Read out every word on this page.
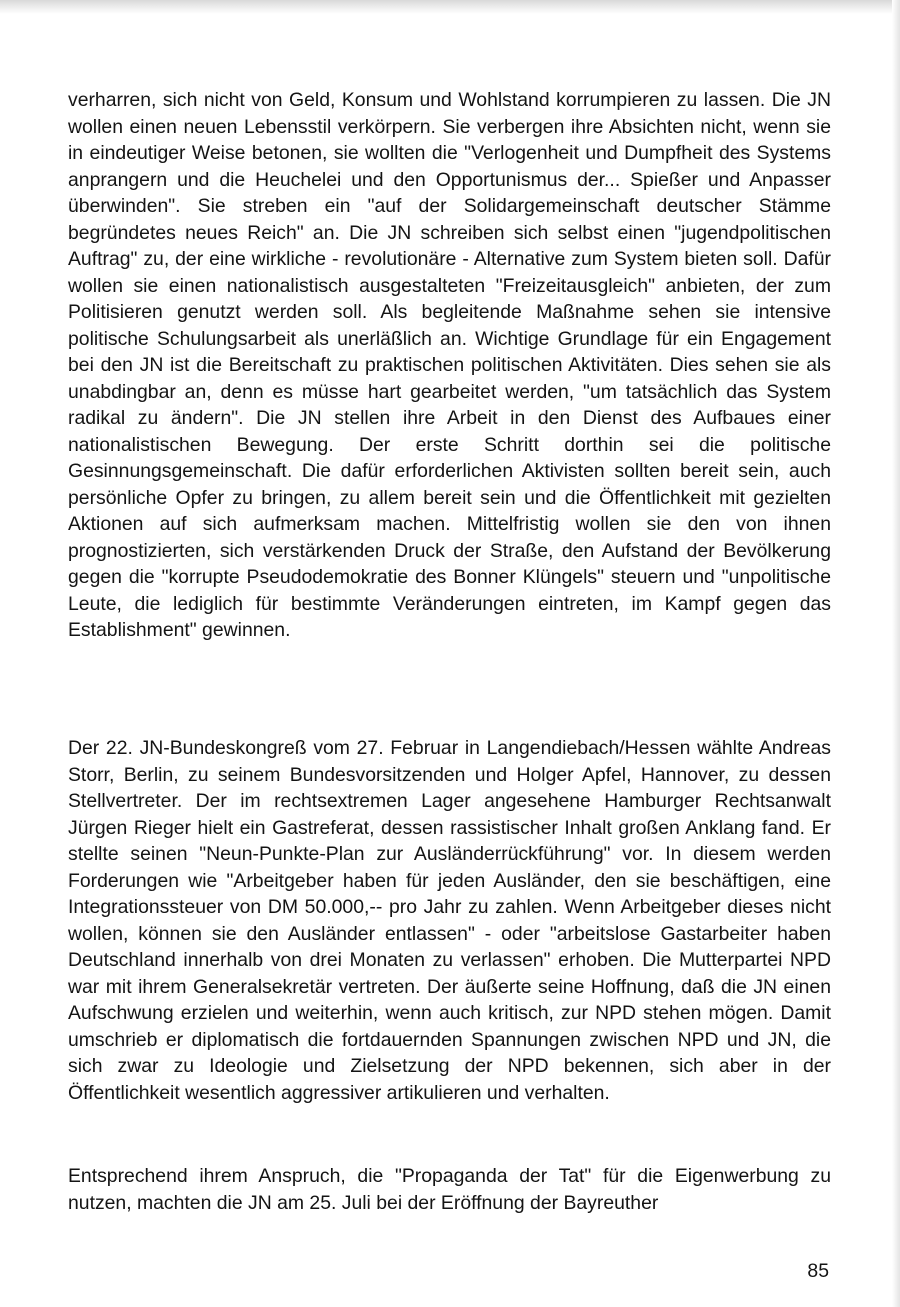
verharren, sich nicht von Geld, Konsum und Wohlstand korrumpieren zu lassen. Die JN wollen einen neuen Lebensstil verkörpern. Sie verbergen ihre Absichten nicht, wenn sie in eindeutiger Weise betonen, sie wollten die "Verlogenheit und Dumpfheit des Systems anprangern und die Heuchelei und den Opportunismus der... Spießer und Anpasser überwinden". Sie streben ein "auf der Solidargemeinschaft deutscher Stämme begründetes neues Reich" an. Die JN schreiben sich selbst einen "jugendpolitischen Auftrag" zu, der eine wirkliche - revolutionäre - Alternative zum System bieten soll. Dafür wollen sie einen nationalistisch ausgestalteten "Freizeitausgleich" anbieten, der zum Politisieren genutzt werden soll. Als begleitende Maßnahme sehen sie intensive politische Schulungsarbeit als unerläßlich an. Wichtige Grundlage für ein Engagement bei den JN ist die Bereitschaft zu praktischen politischen Aktivitäten. Dies sehen sie als unabdingbar an, denn es müsse hart gearbeitet werden, "um tatsächlich das System radikal zu ändern". Die JN stellen ihre Arbeit in den Dienst des Aufbaues einer nationalistischen Bewegung. Der erste Schritt dorthin sei die politische Gesinnungsgemeinschaft. Die dafür erforderlichen Aktivisten sollten bereit sein, auch persönliche Opfer zu bringen, zu allem bereit sein und die Öffentlichkeit mit gezielten Aktionen auf sich aufmerksam machen. Mittelfristig wollen sie den von ihnen prognostizierten, sich verstärkenden Druck der Straße, den Aufstand der Bevölkerung gegen die "korrupte Pseudodemokratie des Bonner Klüngels" steuern und "unpolitische Leute, die lediglich für bestimmte Veränderungen eintreten, im Kampf gegen das Establishment" gewinnen.

Der 22. JN-Bundeskongreß vom 27. Februar in Langendiebach/Hessen wählte Andreas Storr, Berlin, zu seinem Bundesvorsitzenden und Holger Apfel, Hannover, zu dessen Stellvertreter. Der im rechtsextremen Lager angesehene Hamburger Rechtsanwalt Jürgen Rieger hielt ein Gastreferat, dessen rassistischer Inhalt großen Anklang fand. Er stellte seinen "Neun-Punkte-Plan zur Ausländerrückführung" vor. In diesem werden Forderungen wie "Arbeitgeber haben für jeden Ausländer, den sie beschäftigen, eine Integrationssteuer von DM 50.000,-- pro Jahr zu zahlen. Wenn Arbeitgeber dieses nicht wollen, können sie den Ausländer entlassen" - oder "arbeitslose Gastarbeiter haben Deutschland innerhalb von drei Monaten zu verlassen" erhoben. Die Mutterpartei NPD war mit ihrem Generalsekretär vertreten. Der äußerte seine Hoffnung, daß die JN einen Aufschwung erzielen und weiterhin, wenn auch kritisch, zur NPD stehen mögen. Damit umschrieb er diplomatisch die fortdauernden Spannungen zwischen NPD und JN, die sich zwar zu Ideologie und Zielsetzung der NPD bekennen, sich aber in der Öffentlichkeit wesentlich aggressiver artikulieren und verhalten.

Entsprechend ihrem Anspruch, die "Propaganda der Tat" für die Eigenwerbung zu nutzen, machten die JN am 25. Juli bei der Eröffnung der Bayreuther

85
